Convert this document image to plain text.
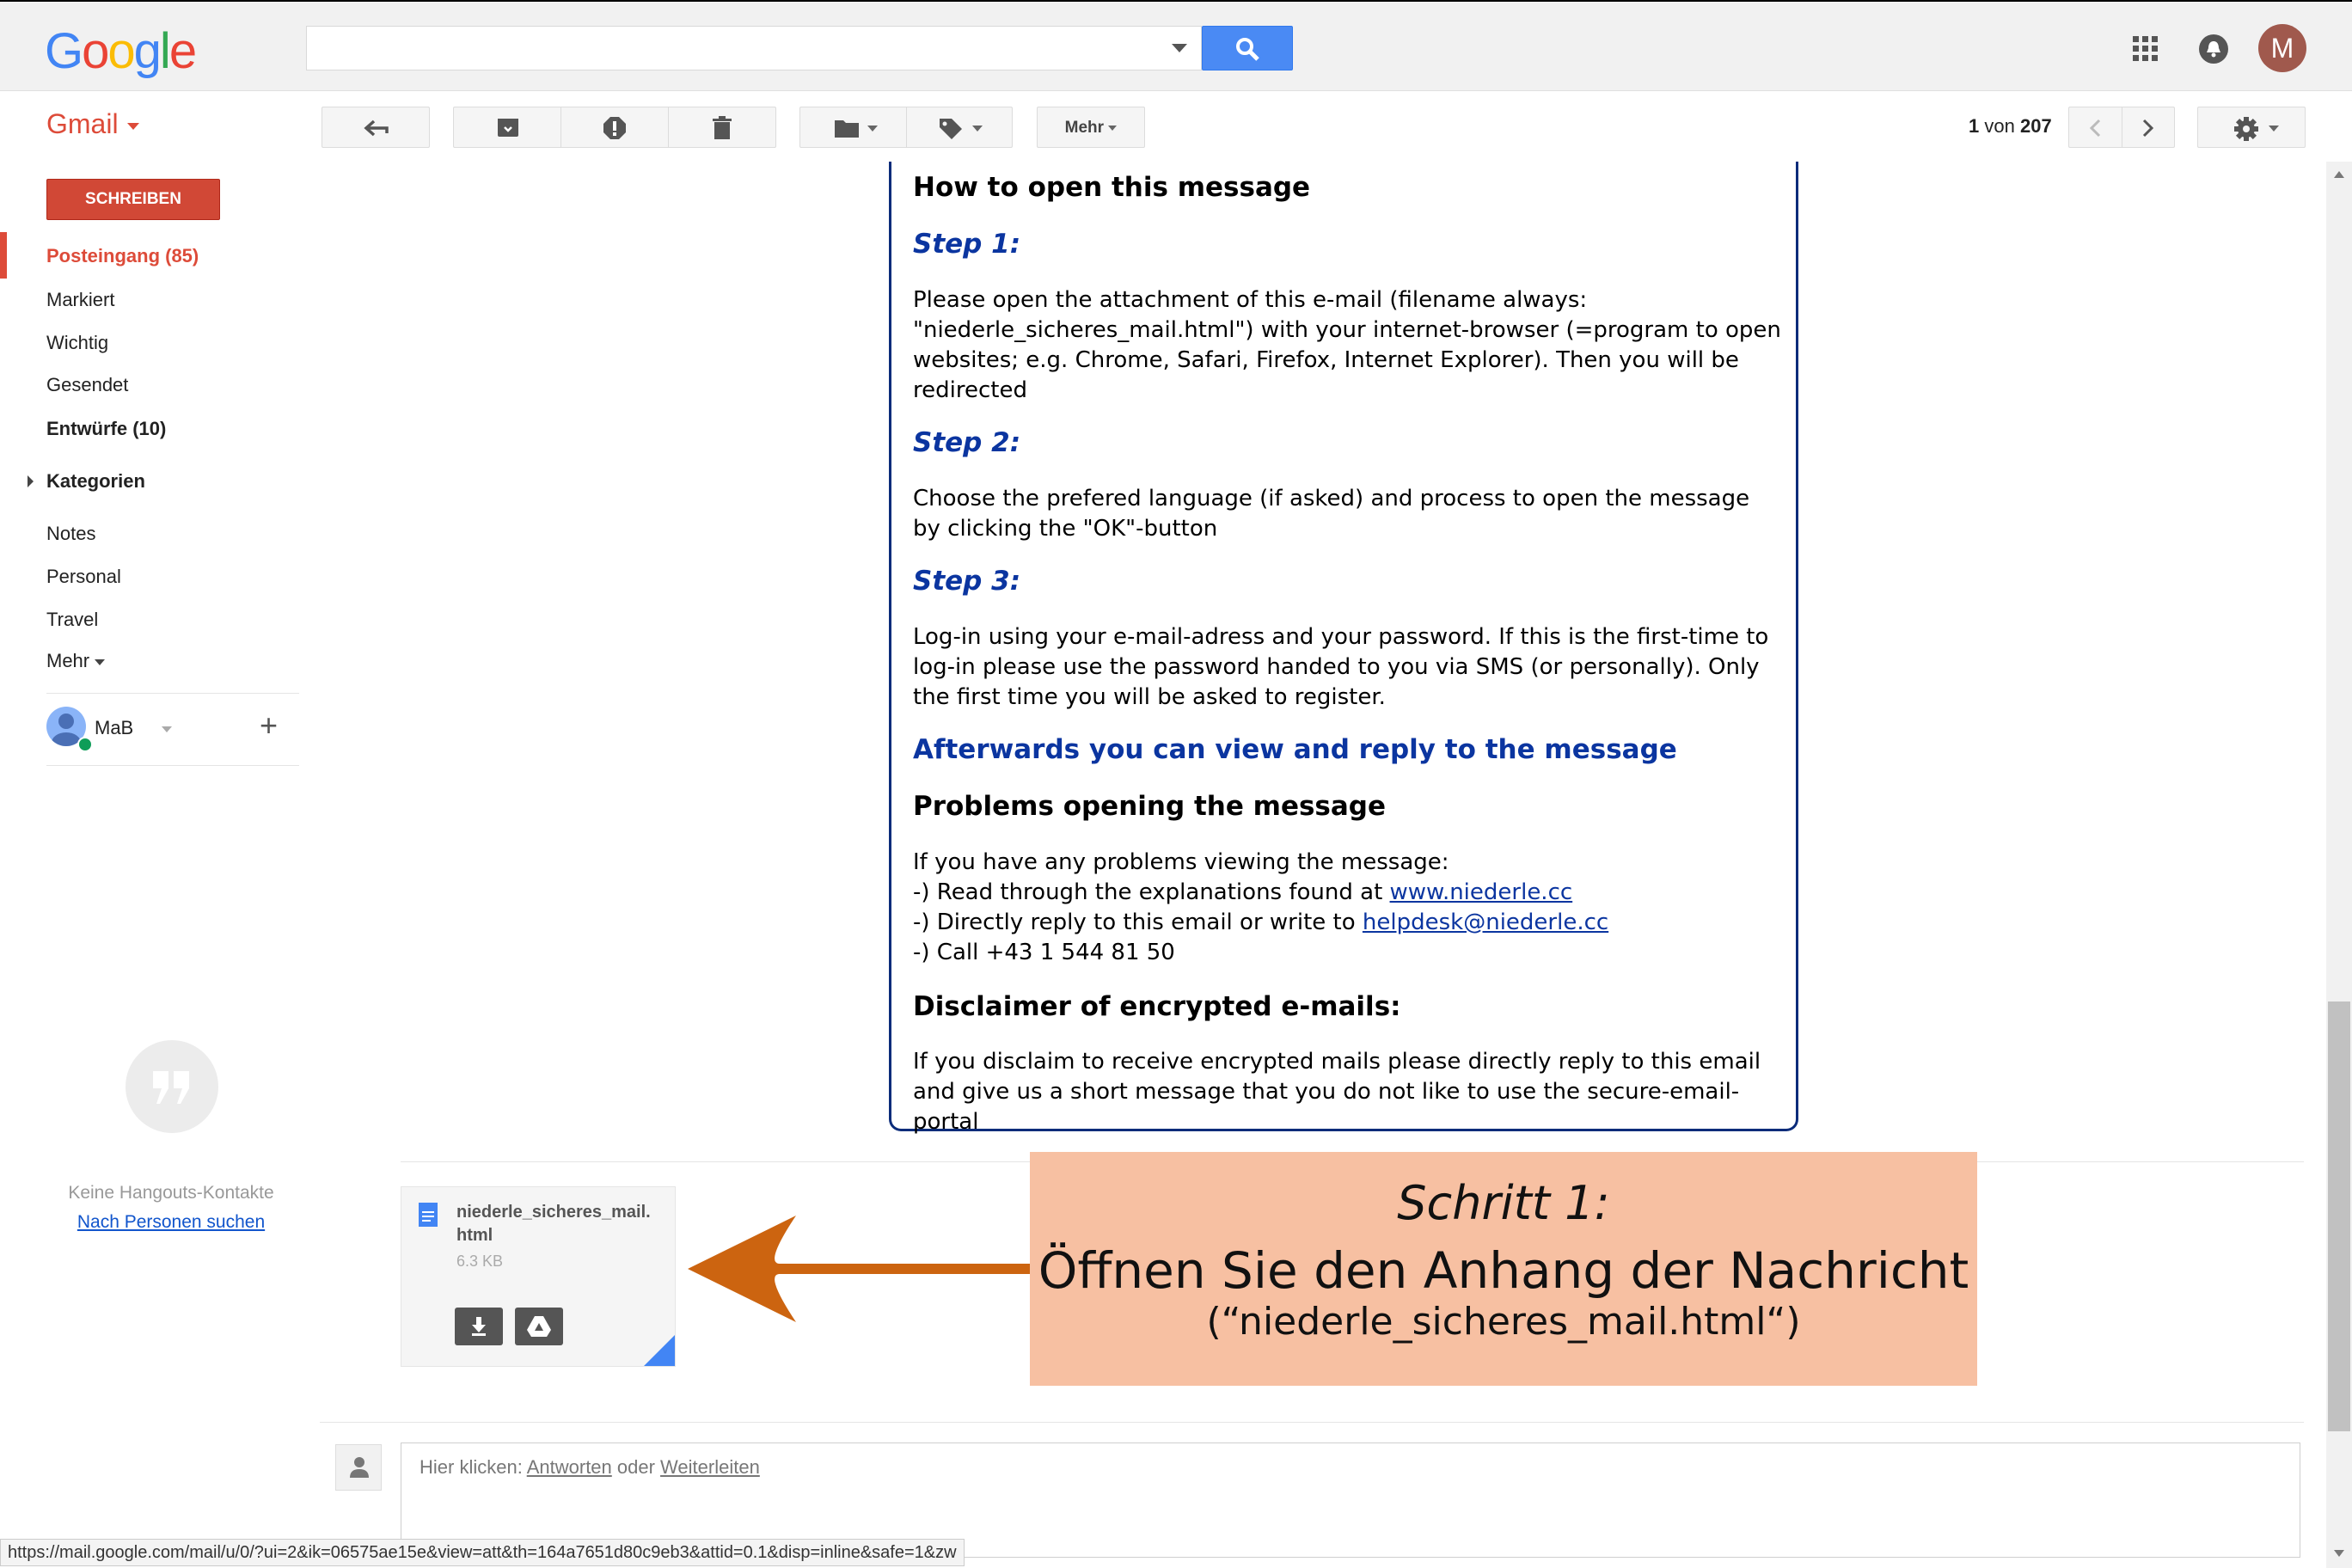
Google	M
Gmail	Mehr	1 von 207
SCHREIBEN
Posteingang (85)
Markiert
Wichtig
Gesendet
Entwürfe (10)
Kategorien
Notes
Personal
Travel
Mehr
MaB	+
Keine Hangouts-Kontakte
Nach Personen suchen
How to open this message
Step 1:
Please open the attachment of this e-mail (filename always: "niederle_sicheres_mail.html") with your internet-browser (=program to open websites; e.g. Chrome, Safari, Firefox, Internet Explorer). Then you will be redirected
Step 2:
Choose the prefered language (if asked) and process to open the message by clicking the "OK"-button
Step 3:
Log-in using your e-mail-adress and your password. If this is the first-time to log-in please use the password handed to you via SMS (or personally). Only the first time you will be asked to register.
Afterwards you can view and reply to the message
Problems opening the message
If you have any problems viewing the message:
-) Read through the explanations found at www.niederle.cc
-) Directly reply to this email or write to helpdesk@niederle.cc
-) Call +43 1 544 81 50
Disclaimer of encrypted e-mails:
If you disclaim to receive encrypted mails please directly reply to this email and give us a short message that you do not like to use the secure-email-portal
niederle_sicheres_mail.
html
6.3 KB
Schritt 1:
Öffnen Sie den Anhang der Nachricht
(“niederle_sicheres_mail.html“)
Hier klicken: Antworten oder Weiterleiten
https://mail.google.com/mail/u/0/?ui=2&ik=06575ae15e&view=att&th=164a7651d80c9eb3&attid=0.1&disp=inline&safe=1&zw
